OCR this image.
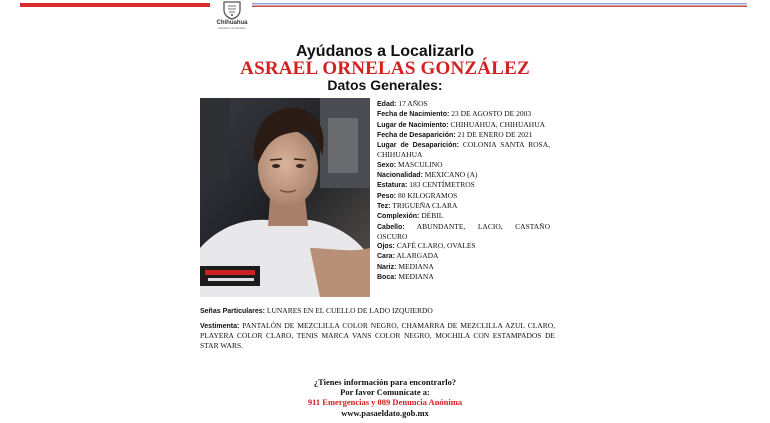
Chihuahua
Gobierno del Estado
Ayúdanos a Localizarlo
ASRAEL ORNELAS GONZÁLEZ
Datos Generales:
Edad: 17 AÑOS
Fecha de Nacimiento: 23 DE AGOSTO DE 2003
Lugar de Nacimiento: CHIHUAHUA, CHIHUAHUA
Fecha de Desaparición: 21 DE ENERO DE 2021
Lugar de Desaparición: COLONIA SANTA ROSA, CHIHUAHUA
Sexo: MASCULINO
Nacionalidad: MEXICANO (A)
Estatura: 183 CENTÍMETROS
Peso: 80 KILOGRAMOS
Tez: TRIGUEÑA CLARA
Complexión: DÉBIL
Cabello: ABUNDANTE, LACIO, CASTAÑO OSCURO
Ojos: CAFÉ CLARO, OVALES
Cara: ALARGADA
Nariz: MEDIANA
Boca: MEDIANA
Señas Particulares: LUNARES EN EL CUELLO DE LADO IZQUIERDO
Vestimenta: PANTALÓN DE MEZCLILLA COLOR NEGRO, CHAMARRA DE MEZCLILLA AZUL CLARO, PLAYERA COLOR CLARO, TENIS MARCA VANS COLOR NEGRO, MOCHILA CON ESTAMPADOS DE STAR WARS.
¿Tienes información para encontrarlo?
Por favor Comunícate a:
911 Emergencias y 089 Denuncia Anónima
www.pasaeldato.gob.mx
